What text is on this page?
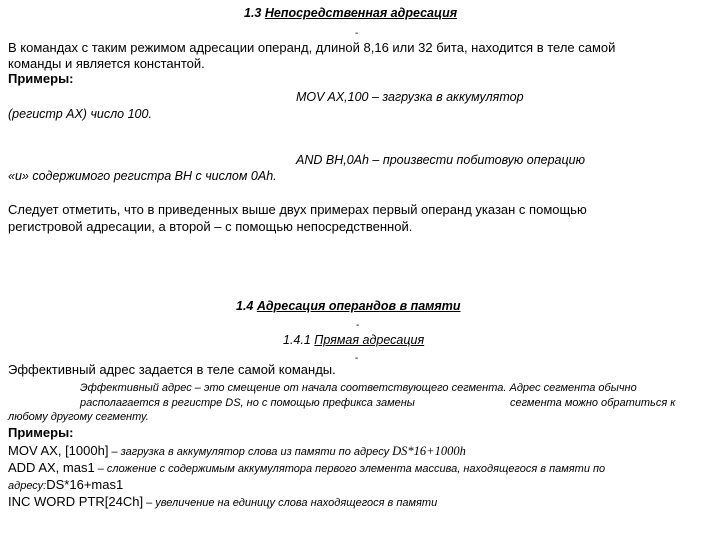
1.3 Непосредственная адресация
-
В командах с таким режимом адресации операнд, длиной 8,16 или 32 бита, находится в теле самой
команды и является константой.
Примеры:
MOV AX,100 – загрузка в аккумулятор
(регистр AX) число 100.
AND BH,0Ah – произвести побитовую операцию
«и» содержимого регистра BH с числом 0Ah.
Следует отметить, что в приведенных выше двух примерах первый операнд указан с помощью
регистровой адресации, а второй – с помощью непосредственной.
1.4 Адресация операндов в памяти
-
1.4.1 Прямая адресация
-
Эффективный адрес задается в теле самой команды.
Эффективный адрес – это смещение от начала соответствующего сегмента. Адрес сегмента обычно
располагается в регистре DS, но с помощью префикса замены	сегмента можно обратиться к
любому другому сегменту.
Примеры:
MOV AX, [1000h] – загрузка в аккумулятор слова из памяти по адресу DS*16+1000h
ADD AX, mas1 – сложение с содержимым аккумулятора первого элемента массива, находящегося в памяти по
адресу:DS*16+mas1
INC WORD PTR[24Ch] – увеличение на единицу слова находящегося в памяти
